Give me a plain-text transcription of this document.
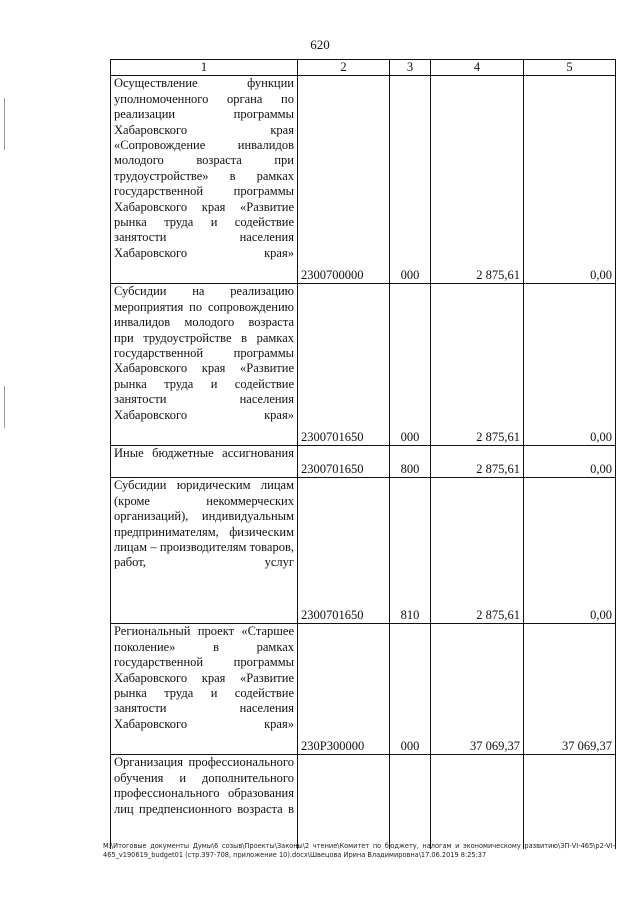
620
1	2	3	4	5
Осуществление функции уполномоченного органа по реализации программы Хабаровского края «Сопровождение инвалидов молодого возраста при трудоустройстве» в рамках государственной программы Хабаровского края «Развитие рынка труда и содействие занятости населения Хабаровского края»	2300700000	000	2 875,61	0,00
Субсидии на реализацию мероприятия по сопровождению инвалидов молодого возраста при трудоустройстве в рамках государственной программы Хабаровского края «Развитие рынка труда и содействие занятости населения Хабаровского края»	2300701650	000	2 875,61	0,00
Иные бюджетные ассигнования	2300701650	800	2 875,61	0,00
Субсидии юридическим лицам (кроме некоммерческих организаций), индивидуальным предпринимателям, физическим лицам – производителям товаров, работ, услуг	2300701650	810	2 875,61	0,00
Региональный проект «Старшее поколение» в рамках государственной программы Хабаровского края «Развитие рынка труда и содействие занятости населения Хабаровского края»	230P300000	000	37 069,37	37 069,37
Организация профессионального обучения и дополнительного профессионального образования лиц предпенсионного возраста в				
M:\Итоговые документы Думы\6 созыв\Проекты\Законы\2 чтение\Комитет по бюджету, налогам и экономическому развитию\ЗП-VI-465\р2-VI-
465_v190619_budget01 (стр.397-708, приложение 10).docx\Швецова Ирина Владимировна\17.06.2019 8:25:37
